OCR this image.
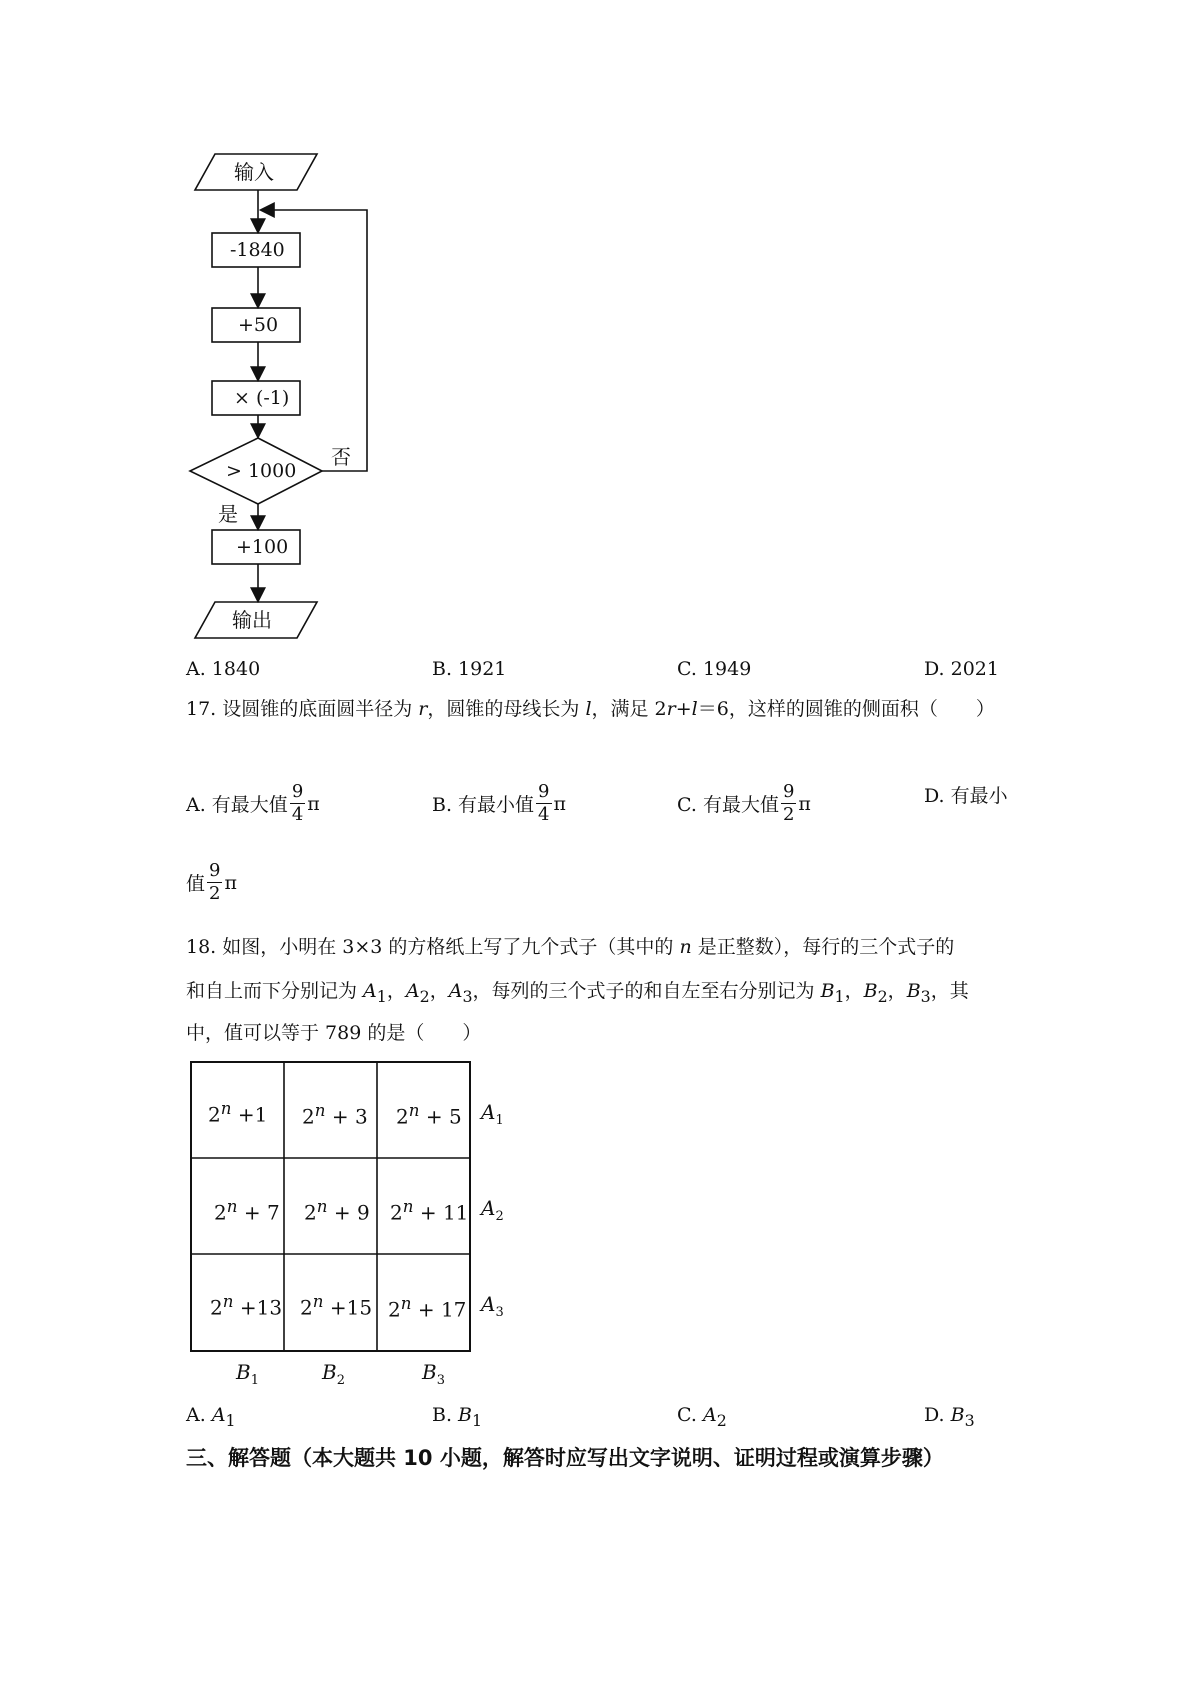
输入
-1840
+50
× (-1)
> 1000
否
是
+100
输出
A. 1840	B. 1921	C. 1949	D. 2021
17. 设圆锥的底面圆半径为 r，圆锥的母线长为 l，满足 2r+l＝6，这样的圆锥的侧面积（　　）
A. 有最大值 $\frac{9}{4}$ π	B. 有最小值 $\frac{9}{4}$ π	C. 有最大值 $\frac{9}{2}$ π	D. 有最小
值 $\frac{9}{2}$ π
18. 如图，小明在 3×3 的方格纸上写了九个式子（其中的 n 是正整数），每行的三个式子的
和自上而下分别记为 $A_1$，$A_2$，$A_3$，每列的三个式子的和自左至右分别记为 $B_1$，$B_2$，$B_3$，其
中，值可以等于 789 的是（　　）
$2^n +1$ $2^n + 3$ $2^n + 5$
$2^n + 7$ $2^n + 9$ $2^n + 11$
$2^n +13$ $2^n +15$ $2^n + 17$
$A_1$
$A_2$
$A_3$
$B_1$	$B_2$	$B_3$
A. $A_1$	B. $B_1$	C. $A_2$	D. $B_3$
三、解答题（本大题共 10 小题，解答时应写出文字说明、证明过程或演算步骤）
